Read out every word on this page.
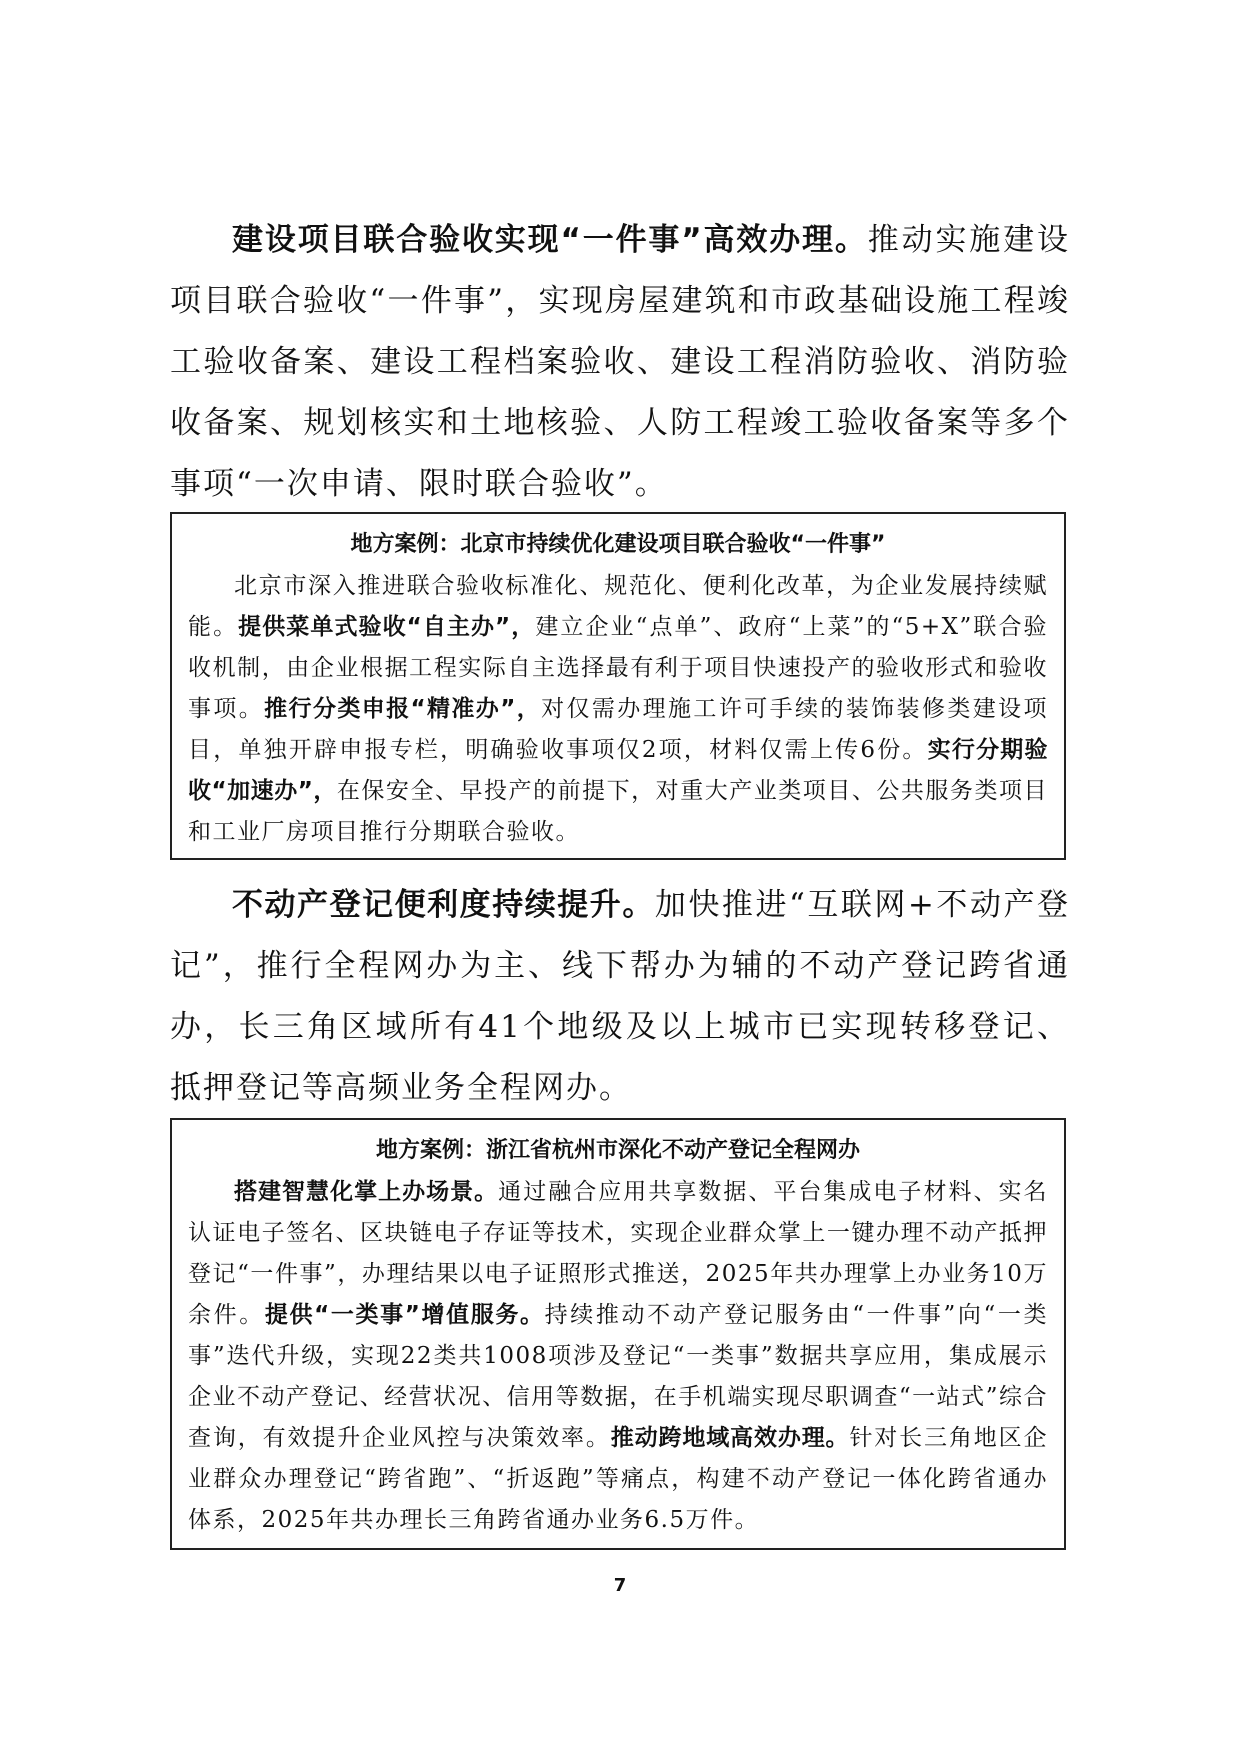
建设项目联合验收实现“一件事”高效办理。推动实施建设项目联合验收“一件事”，实现房屋建筑和市政基础设施工程竣工验收备案、建设工程档案验收、建设工程消防验收、消防验收备案、规划核实和土地核验、人防工程竣工验收备案等多个事项“一次申请、限时联合验收”。

地方案例：北京市持续优化建设项目联合验收“一件事”

北京市深入推进联合验收标准化、规范化、便利化改革，为企业发展持续赋能。提供菜单式验收“自主办”，建立企业“点单”、政府“上菜”的“5+X”联合验收机制，由企业根据工程实际自主选择最有利于项目快速投产的验收形式和验收事项。推行分类申报“精准办”，对仅需办理施工许可手续的装饰装修类建设项目，单独开辟申报专栏，明确验收事项仅2项，材料仅需上传6份。实行分期验收“加速办”，在保安全、早投产的前提下，对重大产业类项目、公共服务类项目和工业厂房项目推行分期联合验收。

不动产登记便利度持续提升。加快推进“互联网+不动产登记”，推行全程网办为主、线下帮办为辅的不动产登记跨省通办，长三角区域所有41个地级及以上城市已实现转移登记、抵押登记等高频业务全程网办。

地方案例：浙江省杭州市深化不动产登记全程网办

搭建智慧化掌上办场景。通过融合应用共享数据、平台集成电子材料、实名认证电子签名、区块链电子存证等技术，实现企业群众掌上一键办理不动产抵押登记“一件事”，办理结果以电子证照形式推送，2025年共办理掌上办业务10万余件。提供“一类事”增值服务。持续推动不动产登记服务由“一件事”向“一类事”迭代升级，实现22类共1008项涉及登记“一类事”数据共享应用，集成展示企业不动产登记、经营状况、信用等数据，在手机端实现尽职调查“一站式”综合查询，有效提升企业风控与决策效率。推动跨地域高效办理。针对长三角地区企业群众办理登记“跨省跑”、“折返跑”等痛点，构建不动产登记一体化跨省通办体系，2025年共办理长三角跨省通办业务6.5万件。

7
